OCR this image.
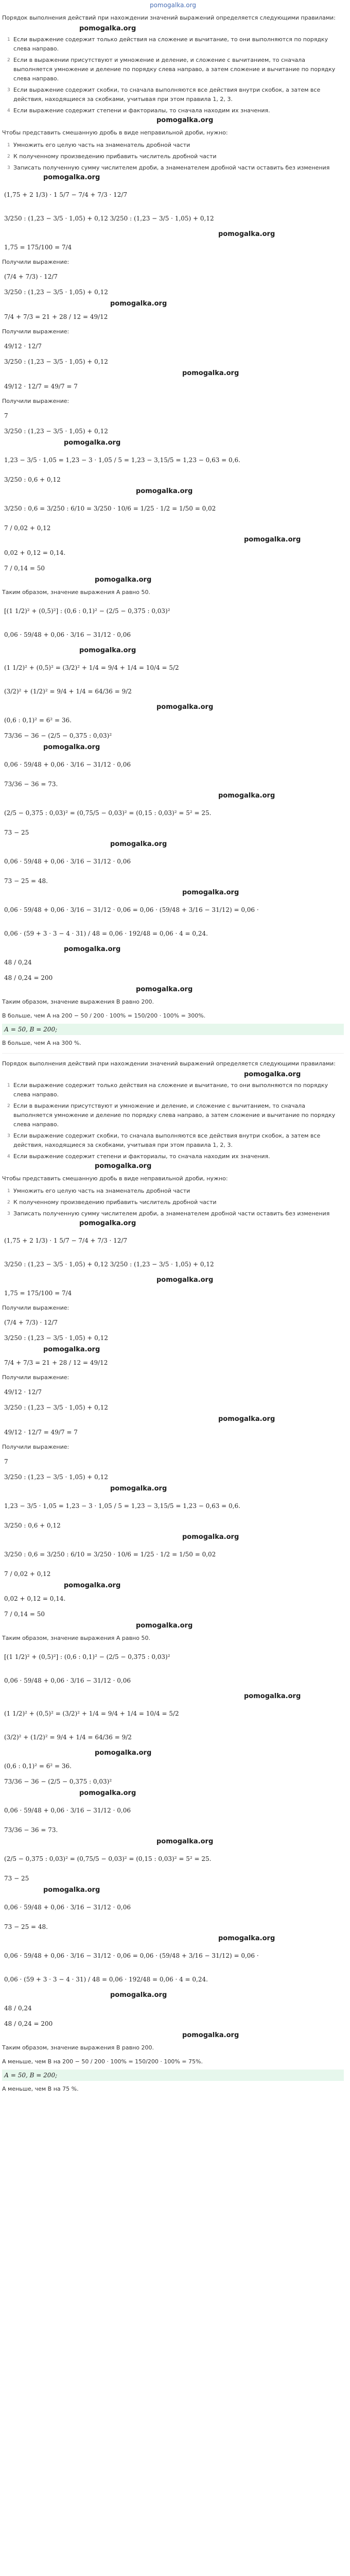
pomogalka.org

Порядок выполнения действий при нахождении значений выражений определяется следующими правилами:

pomogalka.org
1 Если выражение содержит только действия на сложение и вычитание, то они выполняются по порядку слева направо.
2 Если в выражении присутствуют и умножение и деление, и сложение с вычитанием, то сначала выполняется умножение и деление по порядку слева направо, а затем сложение и вычитание по порядку слева направо.
3 Если выражение содержит скобки, то сначала выполняются все действия внутри скобок, а затем все действия, находящиеся за скобками, учитывая при этом правила 1, 2, 3.
4 Если выражение содержит степени и факториалы, то сначала находим их значения.
pomogalka.org

Чтобы представить смешанную дробь в виде неправильной дроби, нужно:

1 Умножить его целую часть на знаменатель дробной части
2 К полученному произведению прибавить числитель дробной части
3 Записать полученную сумму числителем дроби, а знаменателем дробной части оставить без изменения
pomogalka.org
(1,75 + 2 1/3) · 1 5/7 − 7/4 + 7/3 · 12/7
3/250 : (1,23 − 3/5 · 1,05) + 0,12 3/250 : (1,23 − 3/5 · 1,05) + 0,12
pomogalka.org
1,75 = 175/100 = 7/4

Получили выражение:

(7/4 + 7/3) · 12/7
3/250 : (1,23 − 3/5 · 1,05) + 0,12
pomogalka.org
7/4 + 7/3 = 21 + 28 / 12 = 49/12

Получили выражение:

49/12 · 12/7
3/250 : (1,23 − 3/5 · 1,05) + 0,12
pomogalka.org
49/12 · 12/7 = 49/7 = 7

Получили выражение:

7
3/250 : (1,23 − 3/5 · 1,05) + 0,12
pomogalka.org
1,23 − 3/5 · 1,05 = 1,23 − 3 · 1,05 / 5 = 1,23 − 3,15/5 = 1,23 − 0,63 = 0,6.
3/250 : 0,6 + 0,12
pomogalka.org
3/250 : 0,6 = 3/250 : 6/10 = 3/250 · 10/6 = 1/25 · 1/2 = 1/50 = 0,02
7 / 0,02 + 0,12
pomogalka.org
0,02 + 0,12 = 0,14.
7 / 0,14 = 50
pomogalka.org

Таким образом, значение выражения А равно 50.

[(1 1/2)² + (0,5)²] : (0,6 : 0,1)² − (2/5 − 0,375 : 0,03)²
0,06 · 59/48 + 0,06 · 3/16 − 31/12 · 0,06
pomogalka.org
(1 1/2)² + (0,5)² = (3/2)² + 1/4 = 9/4 + 1/4 = 10/4 = 5/2
(3/2)² + (1/2)² = 9/4 + 1/4 = 64/36 = 9/2
pomogalka.org
(0,6 : 0,1)² = 6² = 36.
73/36 − 36 − (2/5 − 0,375 : 0,03)²
pomogalka.org
0,06 · 59/48 + 0,06 · 3/16 − 31/12 · 0,06
73/36 − 36 = 73.
pomogalka.org
(2/5 − 0,375 : 0,03)² = (0,75/5 − 0,03)² = (0,15 : 0,03)² = 5² = 25.
73 − 25
pomogalka.org
0,06 · 59/48 + 0,06 · 3/16 − 31/12 · 0,06
73 − 25 = 48.
pomogalka.org
0,06 · 59/48 + 0,06 · 3/16 − 31/12 · 0,06 = 0,06 · (59/48 + 3/16 − 31/12) = 0,06 ·
0,06 · (59 + 3 · 3 − 4 · 31) / 48 = 0,06 · 192/48 = 0,06 · 4 = 0,24.
pomogalka.org
48 / 0,24
48 / 0,24 = 200
pomogalka.org

Таким образом, значение выражения В равно 200.

В больше, чем А на 200 − 50 / 200 · 100% = 150/200 · 100% = 300%.

А = 50, В = 200;

В больше, чем А на 300 %.

Порядок выполнения действий при нахождении значений выражений определяется следующими правилами:

pomogalka.org
1 Если выражение содержит только действия на сложение и вычитание, то они выполняются по порядку слева направо.
2 Если в выражении присутствуют и умножение и деление, и сложение с вычитанием, то сначала выполняется умножение и деление по порядку слева направо, а затем сложение и вычитание по порядку слева направо.
3 Если выражение содержит скобки, то сначала выполняются все действия внутри скобок, а затем все действия, находящиеся за скобками, учитывая при этом правила 1, 2, 3.
4 Если выражение содержит степени и факториалы, то сначала находим их значения.
pomogalka.org

Чтобы представить смешанную дробь в виде неправильной дроби, нужно:

1 Умножить его целую часть на знаменатель дробной части
2 К полученному произведению прибавить числитель дробной части
3 Записать полученную сумму числителем дроби, а знаменателем дробной части оставить без изменения
pomogalka.org
(1,75 + 2 1/3) · 1 5/7 − 7/4 + 7/3 · 12/7
3/250 : (1,23 − 3/5 · 1,05) + 0,12 3/250 : (1,23 − 3/5 · 1,05) + 0,12
pomogalka.org
1,75 = 175/100 = 7/4

Получили выражение:

(7/4 + 7/3) · 12/7
3/250 : (1,23 − 3/5 · 1,05) + 0,12
pomogalka.org
7/4 + 7/3 = 21 + 28 / 12 = 49/12

Получили выражение:

49/12 · 12/7
3/250 : (1,23 − 3/5 · 1,05) + 0,12
pomogalka.org
49/12 · 12/7 = 49/7 = 7

Получили выражение:

7
3/250 : (1,23 − 3/5 · 1,05) + 0,12
pomogalka.org
1,23 − 3/5 · 1,05 = 1,23 − 3 · 1,05 / 5 = 1,23 − 3,15/5 = 1,23 − 0,63 = 0,6.
3/250 : 0,6 + 0,12
pomogalka.org
3/250 : 0,6 = 3/250 : 6/10 = 3/250 · 10/6 = 1/25 · 1/2 = 1/50 = 0,02
7 / 0,02 + 0,12
pomogalka.org
0,02 + 0,12 = 0,14.
7 / 0,14 = 50
pomogalka.org

Таким образом, значение выражения А равно 50.

[(1 1/2)² + (0,5)²] : (0,6 : 0,1)² − (2/5 − 0,375 : 0,03)²
0,06 · 59/48 + 0,06 · 3/16 − 31/12 · 0,06
pomogalka.org
(1 1/2)² + (0,5)² = (3/2)² + 1/4 = 9/4 + 1/4 = 10/4 = 5/2
(3/2)² + (1/2)² = 9/4 + 1/4 = 64/36 = 9/2
pomogalka.org
(0,6 : 0,1)² = 6² = 36.
73/36 − 36 − (2/5 − 0,375 : 0,03)²
pomogalka.org
0,06 · 59/48 + 0,06 · 3/16 − 31/12 · 0,06
73/36 − 36 = 73.
pomogalka.org
(2/5 − 0,375 : 0,03)² = (0,75/5 − 0,03)² = (0,15 : 0,03)² = 5² = 25.
73 − 25
pomogalka.org
0,06 · 59/48 + 0,06 · 3/16 − 31/12 · 0,06
73 − 25 = 48.
pomogalka.org
0,06 · 59/48 + 0,06 · 3/16 − 31/12 · 0,06 = 0,06 · (59/48 + 3/16 − 31/12) = 0,06 ·
0,06 · (59 + 3 · 3 − 4 · 31) / 48 = 0,06 · 192/48 = 0,06 · 4 = 0,24.
pomogalka.org
48 / 0,24
48 / 0,24 = 200
pomogalka.org

Таким образом, значение выражения В равно 200.

А меньше, чем В на 200 − 50 / 200 · 100% = 150/200 · 100% = 75%.

А = 50, В = 200;

А меньше, чем В на 75 %.
